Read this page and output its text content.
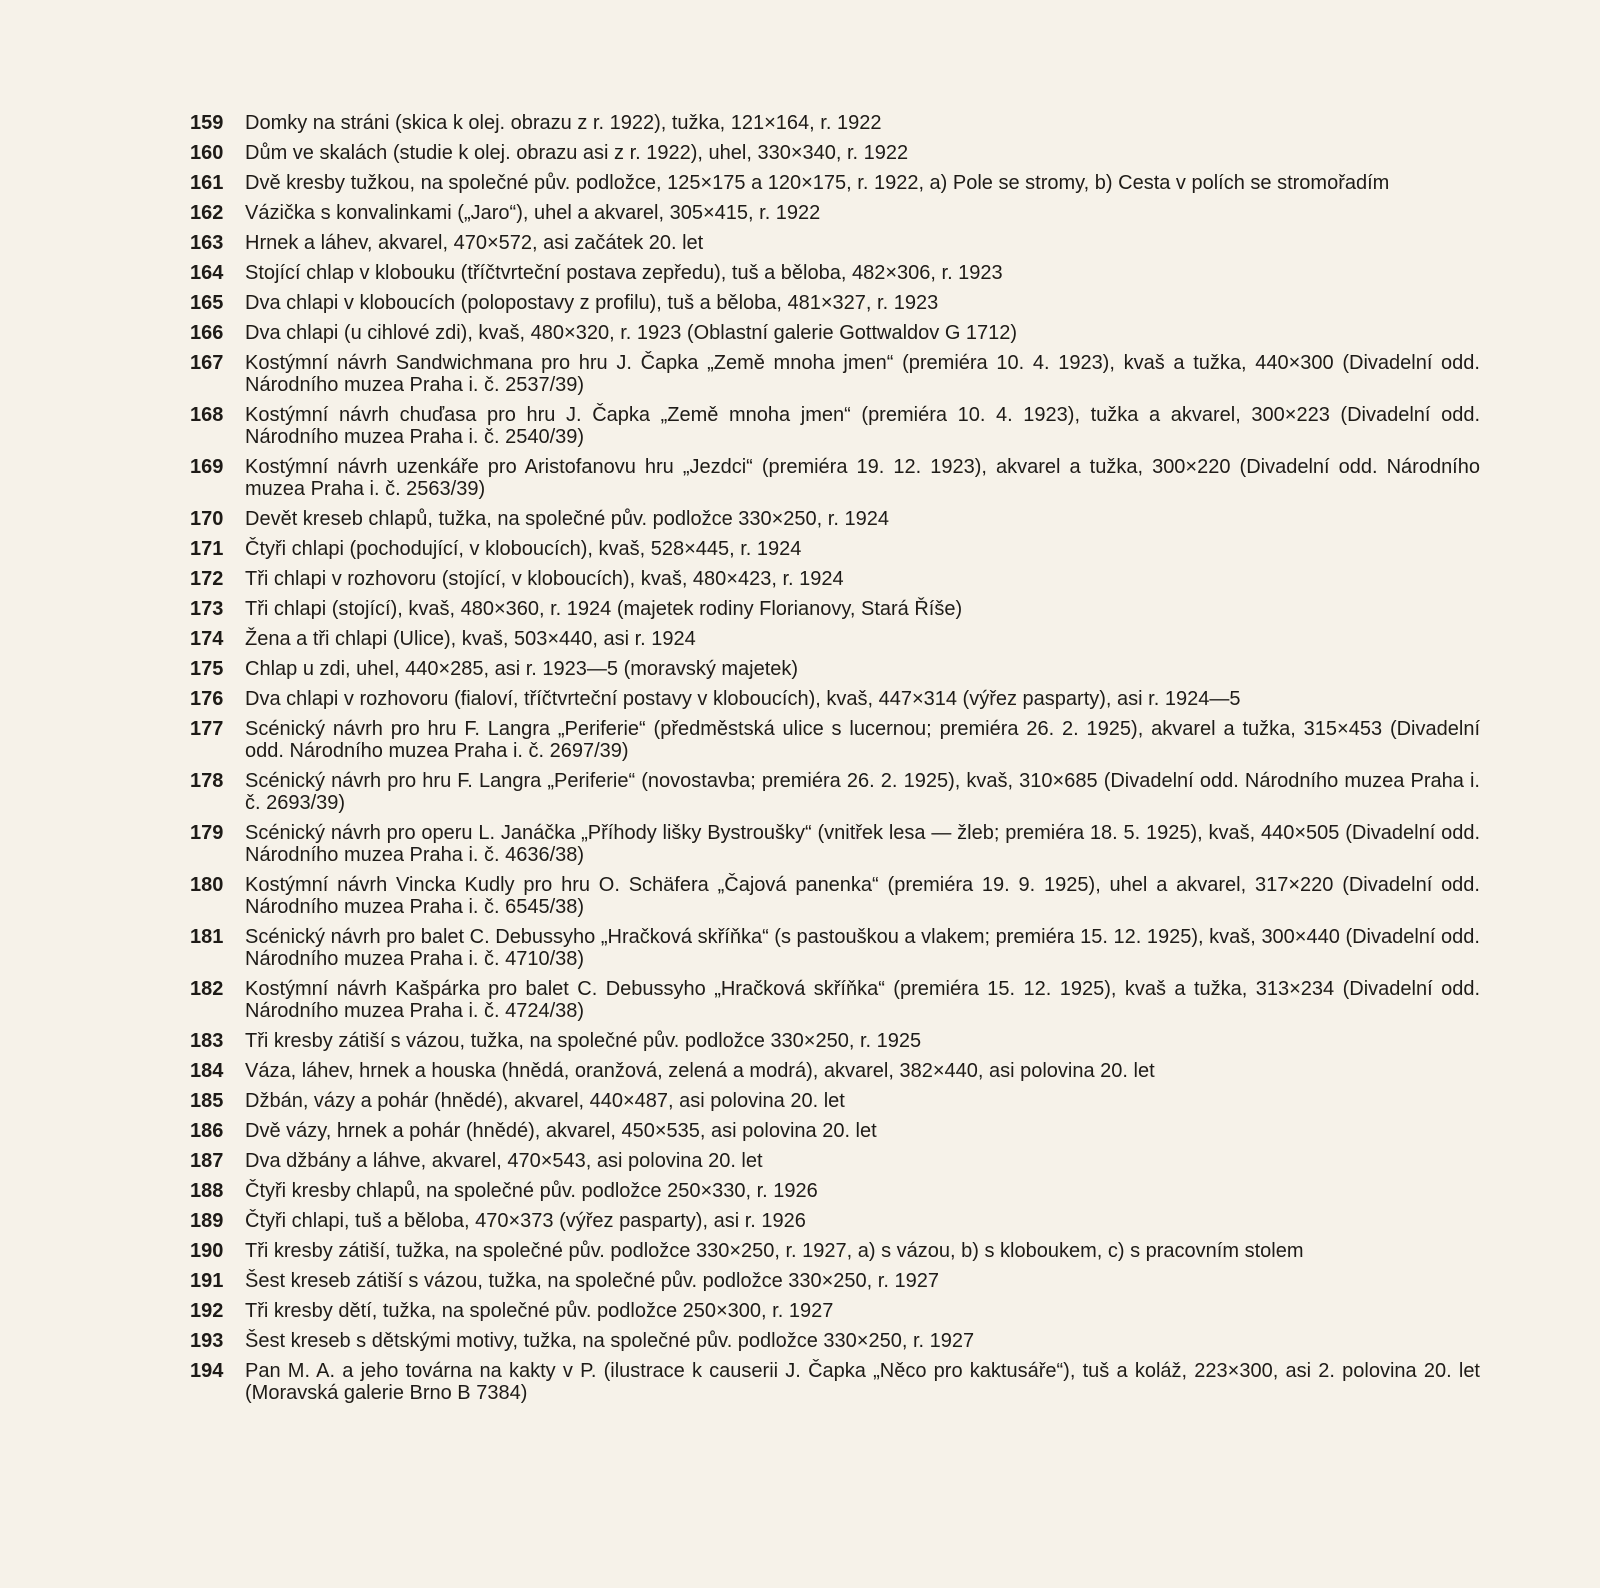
159	Domky na stráni (skica k olej. obrazu z r. 1922), tužka, 121×164, r. 1922
160	Dům ve skalách (studie k olej. obrazu asi z r. 1922), uhel, 330×340, r. 1922
161	Dvě kresby tužkou, na společné pův. podložce, 125×175 a 120×175, r. 1922, a) Pole se stromy, b) Cesta v polích se stromořadím
162	Vázička s konvalinkami („Jaro“), uhel a akvarel, 305×415, r. 1922
163	Hrnek a láhev, akvarel, 470×572, asi začátek 20. let
164	Stojící chlap v klobouku (tříčtvrteční postava zepředu), tuš a běloba, 482×306, r. 1923
165	Dva chlapi v kloboucích (polopostavy z profilu), tuš a běloba, 481×327, r. 1923
166	Dva chlapi (u cihlové zdi), kvaš, 480×320, r. 1923 (Oblastní galerie Gottwaldov G 1712)
167	Kostýmní návrh Sandwichmana pro hru J. Čapka „Země mnoha jmen“ (premiéra 10. 4. 1923), kvaš a tužka, 440×300 (Divadelní odd. Národního muzea Praha i. č. 2537/39)
168	Kostýmní návrh chuďasa pro hru J. Čapka „Země mnoha jmen“ (premiéra 10. 4. 1923), tužka a akvarel, 300×223 (Divadelní odd. Národního muzea Praha i. č. 2540/39)
169	Kostýmní návrh uzenkáře pro Aristofanovu hru „Jezdci“ (premiéra 19. 12. 1923), akvarel a tužka, 300×220 (Divadelní odd. Národního muzea Praha i. č. 2563/39)
170	Devět kreseb chlapů, tužka, na společné pův. podložce 330×250, r. 1924
171	Čtyři chlapi (pochodující, v kloboucích), kvaš, 528×445, r. 1924
172	Tři chlapi v rozhovoru (stojící, v kloboucích), kvaš, 480×423, r. 1924
173	Tři chlapi (stojící), kvaš, 480×360, r. 1924 (majetek rodiny Florianovy, Stará Říše)
174	Žena a tři chlapi (Ulice), kvaš, 503×440, asi r. 1924
175	Chlap u zdi, uhel, 440×285, asi r. 1923—5 (moravský majetek)
176	Dva chlapi v rozhovoru (fialoví, tříčtvrteční postavy v kloboucích), kvaš, 447×314 (výřez pasparty), asi r. 1924—5
177	Scénický návrh pro hru F. Langra „Periferie“ (předměstská ulice s lucernou; premiéra 26. 2. 1925), akvarel a tužka, 315×453 (Divadelní odd. Národního muzea Praha i. č. 2697/39)
178	Scénický návrh pro hru F. Langra „Periferie“ (novostavba; premiéra 26. 2. 1925), kvaš, 310×685 (Divadelní odd. Národního muzea Praha i. č. 2693/39)
179	Scénický návrh pro operu L. Janáčka „Příhody lišky Bystroušky“ (vnitřek lesa — žleb; premiéra 18. 5. 1925), kvaš, 440×505 (Divadelní odd. Národního muzea Praha i. č. 4636/38)
180	Kostýmní návrh Vincka Kudly pro hru O. Schäfera „Čajová panenka“ (premiéra 19. 9. 1925), uhel a akvarel, 317×220 (Divadelní odd. Národního muzea Praha i. č. 6545/38)
181	Scénický návrh pro balet C. Debussyho „Hračková skříňka“ (s pastouškou a vlakem; premiéra 15. 12. 1925), kvaš, 300×440 (Divadelní odd. Národního muzea Praha i. č. 4710/38)
182	Kostýmní návrh Kašpárka pro balet C. Debussyho „Hračková skříňka“ (premiéra 15. 12. 1925), kvaš a tužka, 313×234 (Divadelní odd. Národního muzea Praha i. č. 4724/38)
183	Tři kresby zátiší s vázou, tužka, na společné pův. podložce 330×250, r. 1925
184	Váza, láhev, hrnek a houska (hnědá, oranžová, zelená a modrá), akvarel, 382×440, asi polovina 20. let
185	Džbán, vázy a pohár (hnědé), akvarel, 440×487, asi polovina 20. let
186	Dvě vázy, hrnek a pohár (hnědé), akvarel, 450×535, asi polovina 20. let
187	Dva džbány a láhve, akvarel, 470×543, asi polovina 20. let
188	Čtyři kresby chlapů, na společné pův. podložce 250×330, r. 1926
189	Čtyři chlapi, tuš a běloba, 470×373 (výřez pasparty), asi r. 1926
190	Tři kresby zátiší, tužka, na společné pův. podložce 330×250, r. 1927, a) s vázou, b) s kloboukem, c) s pracovním stolem
191	Šest kreseb zátiší s vázou, tužka, na společné pův. podložce 330×250, r. 1927
192	Tři kresby dětí, tužka, na společné pův. podložce 250×300, r. 1927
193	Šest kreseb s dětskými motivy, tužka, na společné pův. podložce 330×250, r. 1927
194	Pan M. A. a jeho továrna na kakty v P. (ilustrace k causerii J. Čapka „Něco pro kaktusáře“), tuš a koláž, 223×300, asi 2. polovina 20. let (Moravská galerie Brno B 7384)
